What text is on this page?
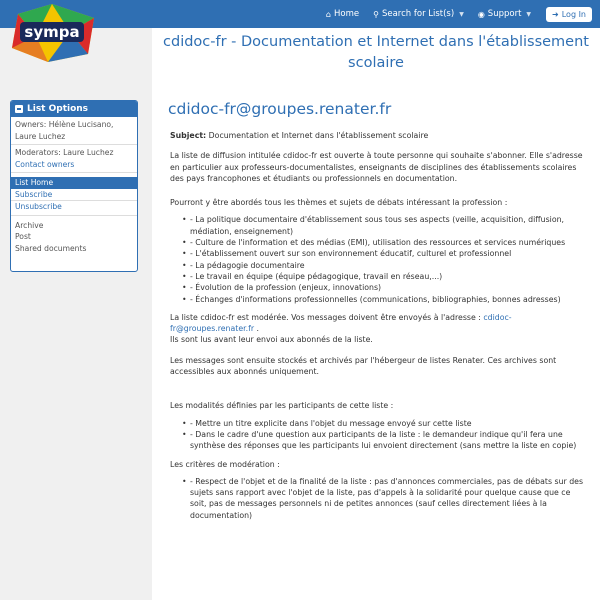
sympa
⌂ Home ⚲ Search for List(s) ▼ ◉ Support ▼	➜ Log In
cdidoc-fr - Documentation et Internet dans l'établissement scolaire
List Options
Owners: Hélène Lucisano,
Laure Luchez
Moderators: Laure Luchez
Contact owners
List Home
Subscribe
Unsubscribe
Archive
Post
Shared documents
cdidoc-fr@groupes.renater.fr

Subject: Documentation et Internet dans l'établissement scolaire

La liste de diffusion intitulée cdidoc-fr est ouverte à toute personne qui souhaite s'abonner. Elle s'adresse en particulier aux professeurs-documentalistes, enseignants de disciplines des établissements scolaires des pays francophones et étudiants ou professionnels en documentation.

Pourront y être abordés tous les thèmes et sujets de débats intéressant la profession :

• - La politique documentaire d'établissement sous tous ses aspects (veille, acquisition, diffusion, médiation, enseignement)
• - Culture de l'information et des médias (EMI), utilisation des ressources et services numériques
• - L'établissement ouvert sur son environnement éducatif, culturel et professionnel
• - La pédagogie documentaire
• - Le travail en équipe (équipe pédagogique, travail en réseau,...)
• - Évolution de la profession (enjeux, innovations)
• - Échanges d'informations professionnelles (communications, bibliographies, bonnes adresses)

La liste cdidoc-fr est modérée. Vos messages doivent être envoyés à l'adresse : cdidoc-fr@groupes.renater.fr .
Ils sont lus avant leur envoi aux abonnés de la liste.

Les messages sont ensuite stockés et archivés par l'hébergeur de listes Renater. Ces archives sont accessibles aux abonnés uniquement.

Les modalités définies par les participants de cette liste :

• - Mettre un titre explicite dans l'objet du message envoyé sur cette liste
• - Dans le cadre d'une question aux participants de la liste : le demandeur indique qu'il fera une synthèse des réponses que les participants lui envoient directement (sans mettre la liste en copie)

Les critères de modération :

• - Respect de l'objet et de la finalité de la liste : pas d'annonces commerciales, pas de débats sur des sujets sans rapport avec l'objet de la liste, pas d'appels à la solidarité pour quelque cause que ce soit, pas de messages personnels ni de petites annonces (sauf celles directement liées à la documentation)
